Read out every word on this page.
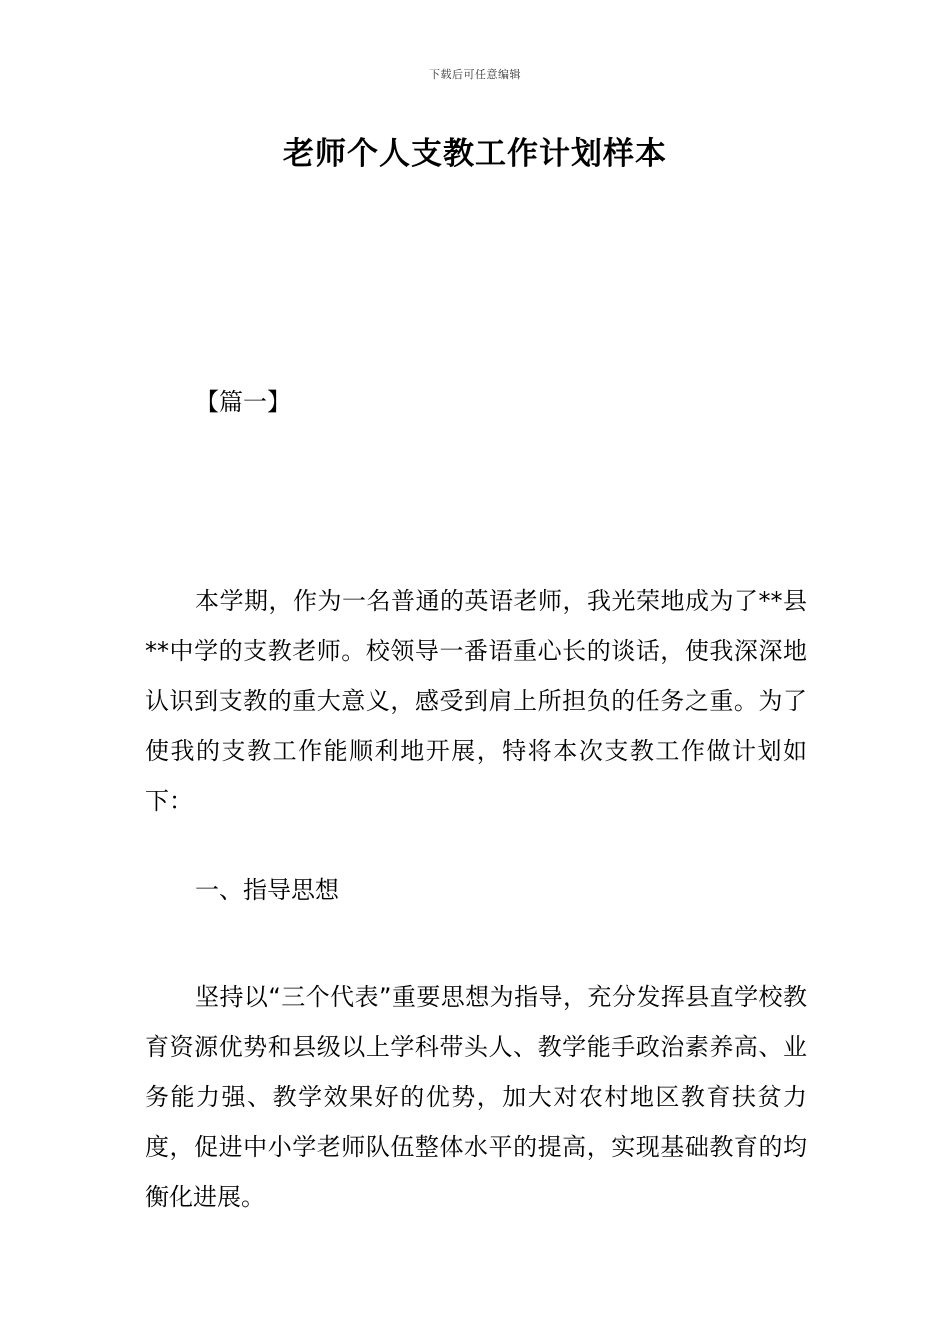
下载后可任意编辑
老师个人支教工作计划样本
【篇一】

本学期，作为一名普通的英语老师，我光荣地成为了**县**中学的支教老师。校领导一番语重心长的谈话，使我深深地认识到支教的重大意义，感受到肩上所担负的任务之重。为了使我的支教工作能顺利地开展，特将本次支教工作做计划如下：

一、指导思想

坚持以“三个代表”重要思想为指导，充分发挥县直学校教育资源优势和县级以上学科带头人、教学能手政治素养高、业务能力强、教学效果好的优势，加大对农村地区教育扶贫力度，促进中小学老师队伍整体水平的提高，实现基础教育的均衡化进展。
